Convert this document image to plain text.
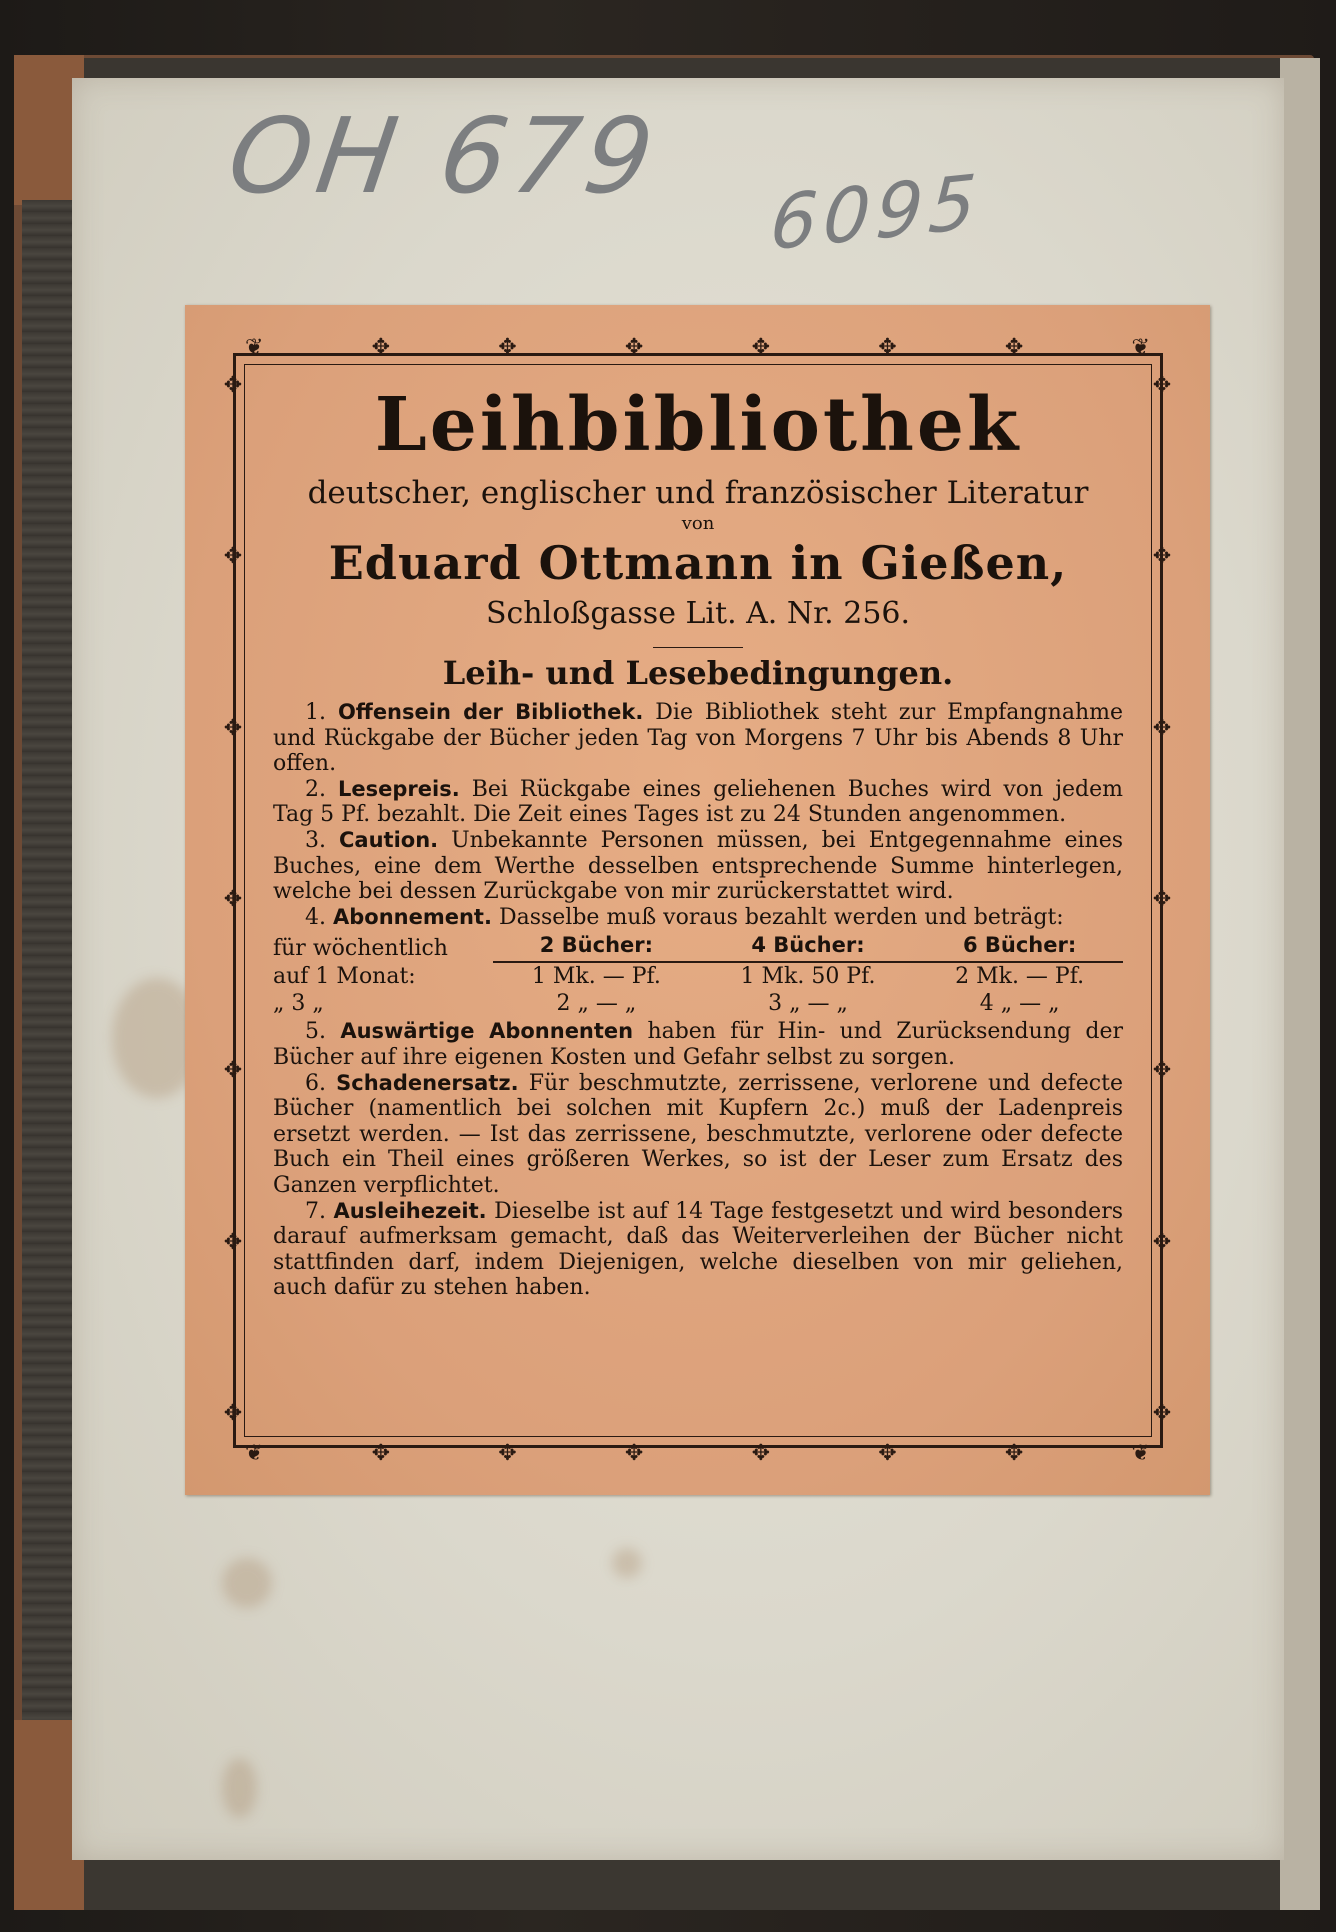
OH 679 6095
❦	✥	✥	✥	✥	✥	✥	❦
❦	✥	✥	✥	✥	✥	✥	❦
✥
✥
✥
✥
✥
✥
✥
✥
✥
✥
✥
✥
✥
✥
Leihbibliothek

deutscher, englischer und französischer Literatur

von

Eduard Ottmann in Gießen,

Schloßgasse Lit. A. Nr. 256.

Leih- und Lesebedingungen.

1. Offensein der Bibliothek. Die Bibliothek steht zur Empfangnahme und Rückgabe der Bücher jeden Tag von Morgens 7 Uhr bis Abends 8 Uhr offen.

2. Lesepreis. Bei Rückgabe eines geliehenen Buches wird von jedem Tag 5 Pf. bezahlt. Die Zeit eines Tages ist zu 24 Stunden angenommen.

3. Caution. Unbekannte Personen müssen, bei Entgegennahme eines Buches, eine dem Werthe desselben entsprechende Summe hinterlegen, welche bei dessen Zurückgabe von mir zurückerstattet wird.

4. Abonnement. Dasselbe muß voraus bezahlt werden und beträgt:

für wöchentlich	2 Bücher:	4 Bücher:	6 Bücher:
auf 1 Monat:	1 Mk. — Pf.	1 Mk. 50 Pf.	2 Mk. — Pf.
„ 3 „	2 „ — „	3 „ — „	4 „ — „

5. Auswärtige Abonnenten haben für Hin- und Zurücksendung der Bücher auf ihre eigenen Kosten und Gefahr selbst zu sorgen.

6. Schadenersatz. Für beschmutzte, zerrissene, verlorene und defecte Bücher (namentlich bei solchen mit Kupfern 2c.) muß der Ladenpreis ersetzt werden. — Ist das zerrissene, beschmutzte, verlorene oder defecte Buch ein Theil eines größeren Werkes, so ist der Leser zum Ersatz des Ganzen verpflichtet.

7. Ausleihezeit. Dieselbe ist auf 14 Tage festgesetzt und wird besonders darauf aufmerksam gemacht, daß das Weiterverleihen der Bücher nicht stattfinden darf, indem Diejenigen, welche dieselben von mir geliehen, auch dafür zu stehen haben.
